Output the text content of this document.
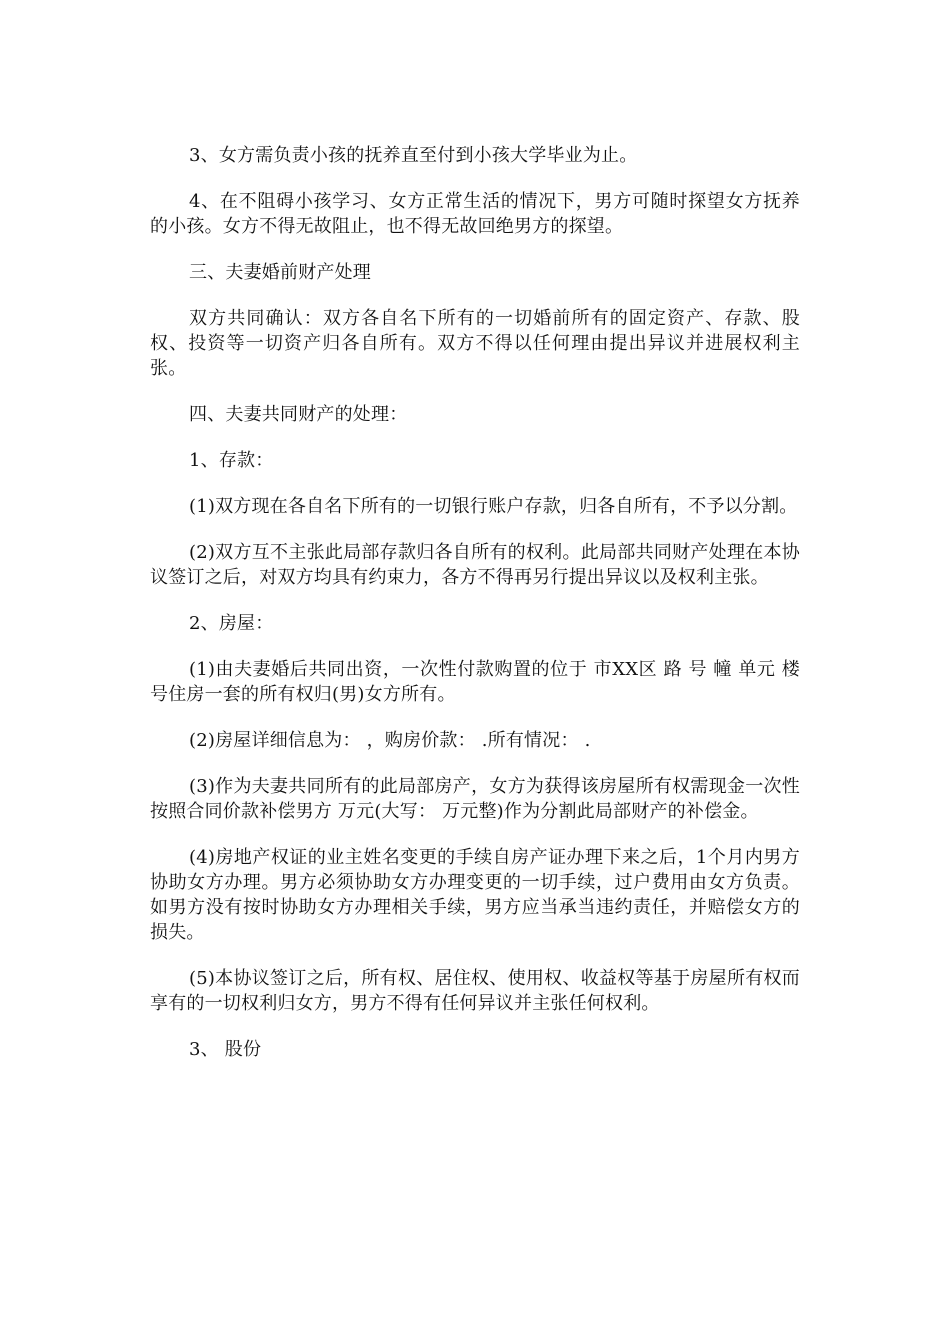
3、女方需负责小孩的抚养直至付到小孩大学毕业为止。

4、在不阻碍小孩学习、女方正常生活的情况下，男方可随时探望女方抚养的小孩。女方不得无故阻止，也不得无故回绝男方的探望。

三、夫妻婚前财产处理

双方共同确认：双方各自名下所有的一切婚前所有的固定资产、存款、股权、投资等一切资产归各自所有。双方不得以任何理由提出异议并进展权利主张。

四、夫妻共同财产的处理：

1、存款：

(1)双方现在各自名下所有的一切银行账户存款，归各自所有，不予以分割。

(2)双方互不主张此局部存款归各自所有的权利。此局部共同财产处理在本协议签订之后，对双方均具有约束力，各方不得再另行提出异议以及权利主张。

2、房屋：

(1)由夫妻婚后共同出资，一次性付款购置的位于 市XX区 路 号 幢 单元 楼 号住房一套的所有权归(男)女方所有。

(2)房屋详细信息为： ，购房价款： .所有情况： .

(3)作为夫妻共同所有的此局部房产，女方为获得该房屋所有权需现金一次性按照合同价款补偿男方 万元(大写： 万元整)作为分割此局部财产的补偿金。

(4)房地产权证的业主姓名变更的手续自房产证办理下来之后，1个月内男方协助女方办理。男方必须协助女方办理变更的一切手续，过户费用由女方负责。如男方没有按时协助女方办理相关手续，男方应当承当违约责任，并赔偿女方的损失。

(5)本协议签订之后，所有权、居住权、使用权、收益权等基于房屋所有权而享有的一切权利归女方，男方不得有任何异议并主张任何权利。

3、 股份
